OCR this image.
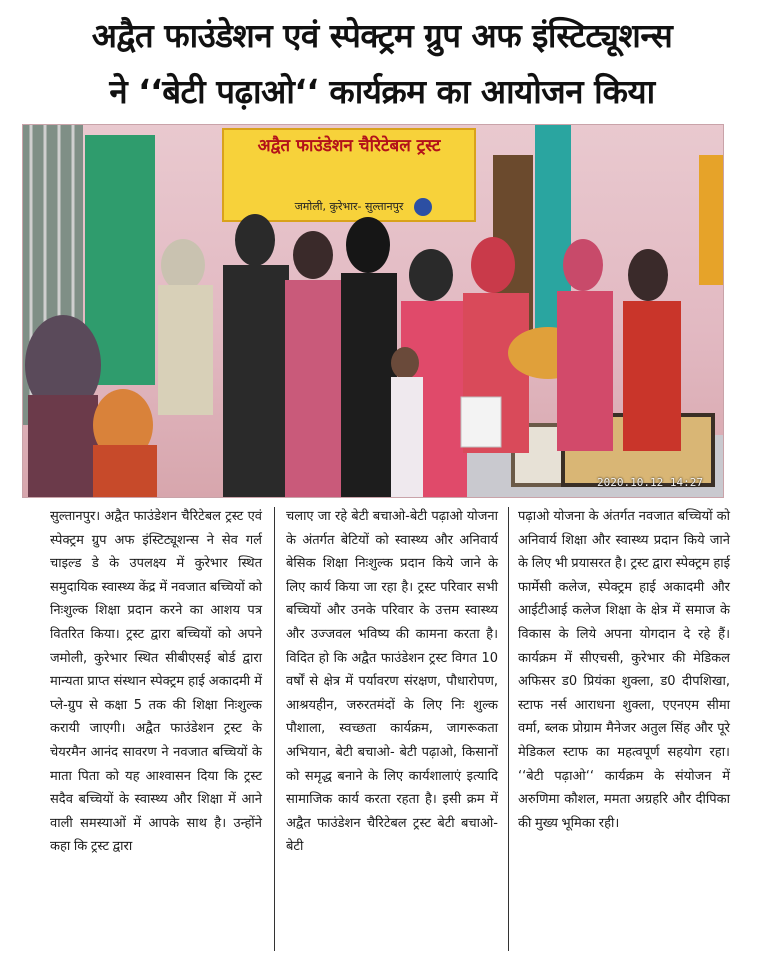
अद्वैत फाउंडेशन एवं स्पेक्ट्रम ग्रुप अफ इंस्टिट्यूशन्स
ने ‘‘बेटी पढ़ाओ‘‘ कार्यक्रम का आयोजन किया
अद्वैत फाउंडेशन चैरिटेबल ट्रस्ट
जमोली, कुरेभार- सुल्तानपुर
2020.10.12 14:27
सुल्तानपुर। अद्वैत फाउंडेशन चैरिटेबल ट्रस्ट एवं स्पेक्ट्रम ग्रुप अफ इंस्टिट्यूशन्स ने सेव गर्ल चाइल्ड डे के उपलक्ष्य में कुरेभार स्थित समुदायिक स्वास्थ्य केंद्र में नवजात बच्चियों को निःशुल्क शिक्षा प्रदान करने का आशय पत्र वितरित किया। ट्रस्ट द्वारा बच्चियों को अपने जमोली, कुरेभार स्थित सीबीएसई बोर्ड द्वारा मान्यता प्राप्त संस्थान स्पेक्ट्रम हाई अकादमी में प्ले-ग्रुप से कक्षा 5 तक की शिक्षा निःशुल्क करायी जाएगी। अद्वैत फाउंडेशन ट्रस्ट के चेयरमैन आनंद सावरण ने नवजात बच्चियों के माता पिता को यह आश्वासन दिया कि ट्रस्ट सदैव बच्चियों के स्वास्थ्य और शिक्षा में आने वाली समस्याओं में आपके साथ है। उन्होंने कहा कि ट्रस्ट द्वारा
चलाए जा रहे बेटी बचाओ-बेटी पढ़ाओ योजना के अंतर्गत बेटियों को स्वास्थ्य और अनिवार्य बेसिक शिक्षा निःशुल्क प्रदान किये जाने के लिए कार्य किया जा रहा है। ट्रस्ट परिवार सभी बच्चियों और उनके परिवार के उत्तम स्वास्थ्य और उज्जवल भविष्य की कामना करता है। विदित हो कि अद्वैत फाउंडेशन ट्रस्ट विगत 10 वर्षों से क्षेत्र में पर्यावरण संरक्षण, पौधारोपण, आश्रयहीन, जरुरतमंदों के लिए निः शुल्क पौशाला, स्वच्छता कार्यक्रम, जागरूकता अभियान, बेटी बचाओ- बेटी पढ़ाओ, किसानों को समृद्ध बनाने के लिए कार्यशालाएं इत्यादि सामाजिक कार्य करता रहता है। इसी क्रम में अद्वैत फाउंडेशन चैरिटेबल ट्रस्ट बेटी बचाओ-बेटी
पढ़ाओ योजना के अंतर्गत नवजात बच्चियों को अनिवार्य शिक्षा और स्वास्थ्य प्रदान किये जाने के लिए भी प्रयासरत है। ट्रस्ट द्वारा स्पेक्ट्रम हाई फार्मेसी कलेज, स्पेक्ट्रम हाई अकादमी और आईटीआई कलेज शिक्षा के क्षेत्र में समाज के विकास के लिये अपना योगदान दे रहे हैं। कार्यक्रम में सीएचसी, कुरेभार की मेडिकल अफिसर ड0 प्रियंका शुक्ला, ड0 दीपशिखा, स्टाफ नर्स आराधना शुक्ला, एएनएम सीमा वर्मा, ब्लक प्रोग्राम मैनेजर अतुल सिंह और पूरे मेडिकल स्टाफ का महत्वपूर्ण सहयोग रहा। ‘‘बेटी पढ़ाओ‘‘ कार्यक्रम के संयोजन में अरुणिमा कौशल, ममता अग्रहरि और दीपिका की मुख्य भूमिका रही।
